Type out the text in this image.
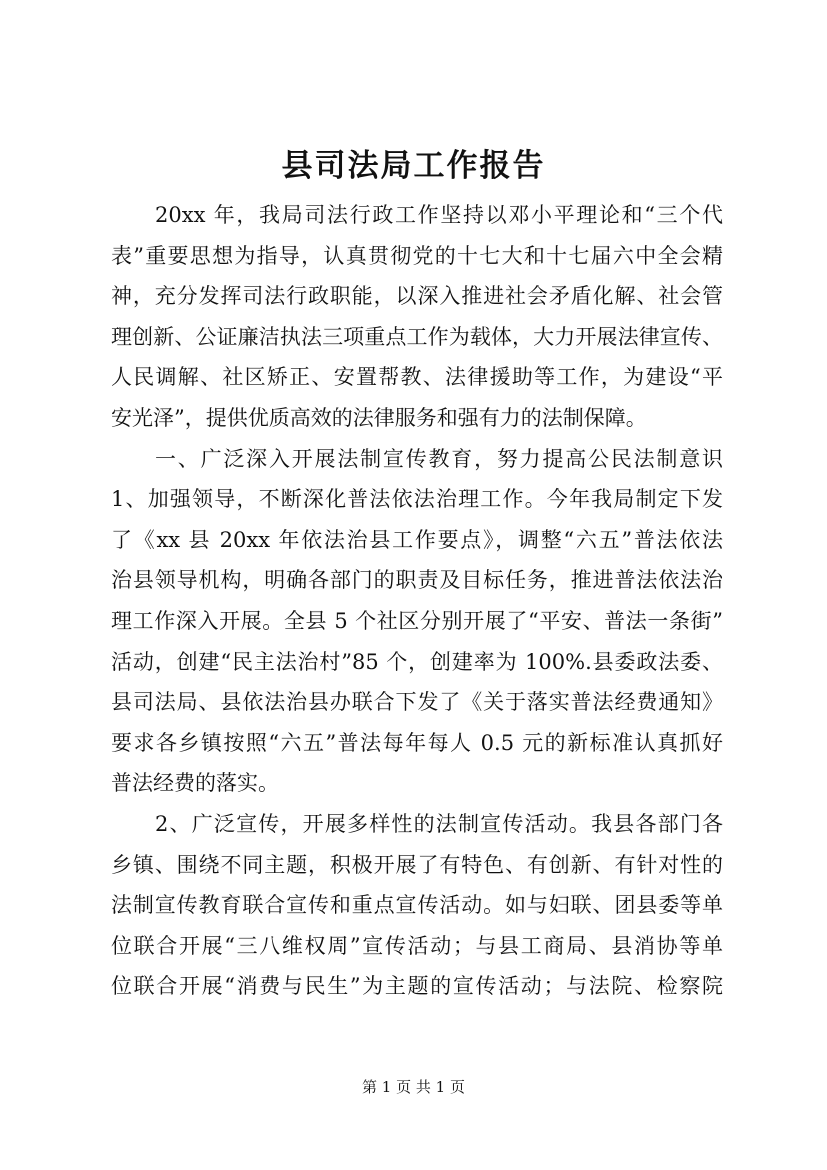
县司法局工作报告
20xx 年，我局司法行政工作坚持以邓小平理论和“三个代
表”重要思想为指导，认真贯彻党的十七大和十七届六中全会精
神，充分发挥司法行政职能，以深入推进社会矛盾化解、社会管
理创新、公证廉洁执法三项重点工作为载体，大力开展法律宣传、
人民调解、社区矫正、安置帮教、法律援助等工作，为建设“平
安光泽”，提供优质高效的法律服务和强有力的法制保障。
一、广泛深入开展法制宣传教育，努力提高公民法制意识
1、加强领导，不断深化普法依法治理工作。今年我局制定下发
了《xx 县 20xx 年依法治县工作要点》，调整“六五”普法依法
治县领导机构，明确各部门的职责及目标任务，推进普法依法治
理工作深入开展。全县 5 个社区分别开展了“平安、普法一条街”
活动，创建“民主法治村”85 个，创建率为 100%.县委政法委、
县司法局、县依法治县办联合下发了《关于落实普法经费通知》
要求各乡镇按照“六五”普法每年每人 0.5 元的新标准认真抓好
普法经费的落实。
2、广泛宣传，开展多样性的法制宣传活动。我县各部门各
乡镇、围绕不同主题，积极开展了有特色、有创新、有针对性的
法制宣传教育联合宣传和重点宣传活动。如与妇联、团县委等单
位联合开展“三八维权周”宣传活动；与县工商局、县消协等单
位联合开展“消费与民生”为主题的宣传活动；与法院、检察院
第 1 页 共 1 页
